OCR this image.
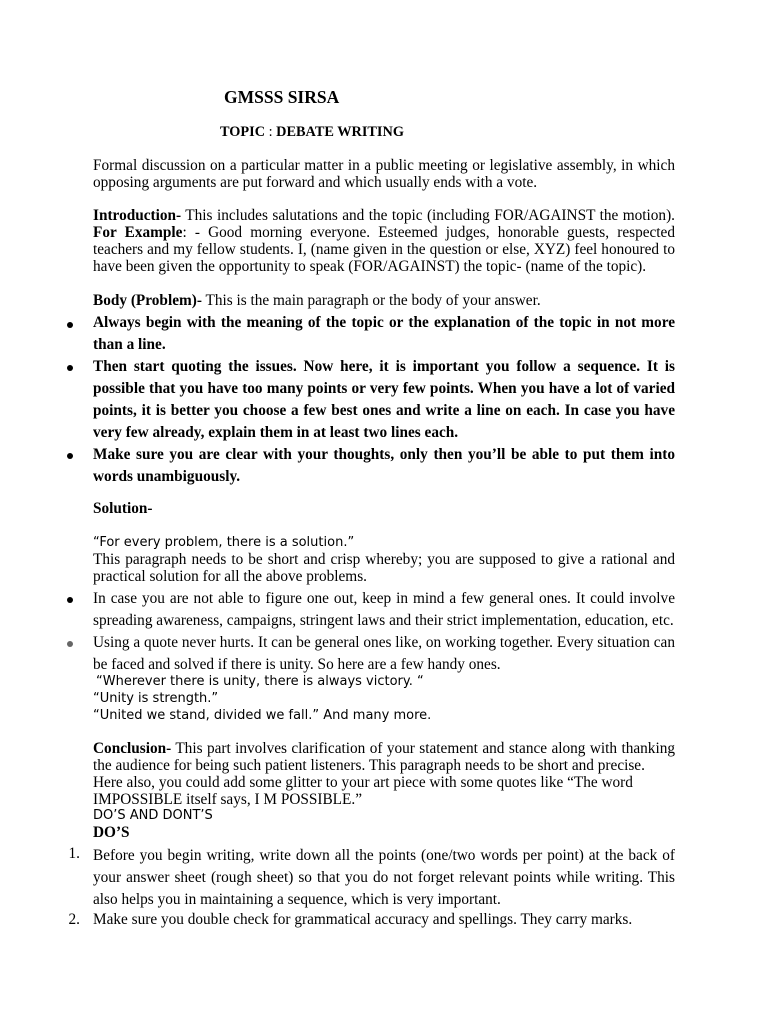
GMSSS SIRSA
TOPIC : DEBATE WRITING
Formal discussion on a particular matter in a public meeting or legislative assembly, in which opposing arguments are put forward and which usually ends with a vote.
Introduction- This includes salutations and the topic (including FOR/AGAINST the motion). For Example: - Good morning everyone. Esteemed judges, honorable guests, respected teachers and my fellow students. I, (name given in the question or else, XYZ) feel honoured to have been given the opportunity to speak (FOR/AGAINST) the topic- (name of the topic).
Body (Problem)- This is the main paragraph or the body of your answer.
Always begin with the meaning of the topic or the explanation of the topic in not more than a line.
Then start quoting the issues. Now here, it is important you follow a sequence. It is possible that you have too many points or very few points. When you have a lot of varied points, it is better you choose a few best ones and write a line on each. In case you have very few already, explain them in at least two lines each.
Make sure you are clear with your thoughts, only then you’ll be able to put them into words unambiguously.
Solution-
“For every problem, there is a solution.”
This paragraph needs to be short and crisp whereby; you are supposed to give a rational and practical solution for all the above problems.
In case you are not able to figure one out, keep in mind a few general ones. It could involve spreading awareness, campaigns, stringent laws and their strict implementation, education, etc.
Using a quote never hurts. It can be general ones like, on working together. Every situation can be faced and solved if there is unity. So here are a few handy ones.
“Wherever there is unity, there is always victory. “
“Unity is strength.”
“United we stand, divided we fall.” And many more.
Conclusion- This part involves clarification of your statement and stance along with thanking the audience for being such patient listeners. This paragraph needs to be short and precise.
Here also, you could add some glitter to your art piece with some quotes like “The word
IMPOSSIBLE itself says, I M POSSIBLE.”
DO’S AND DONT’S
DO’S
1. Before you begin writing, write down all the points (one/two words per point) at the back of your answer sheet (rough sheet) so that you do not forget relevant points while writing. This also helps you in maintaining a sequence, which is very important.
2. Make sure you double check for grammatical accuracy and spellings. They carry marks.
